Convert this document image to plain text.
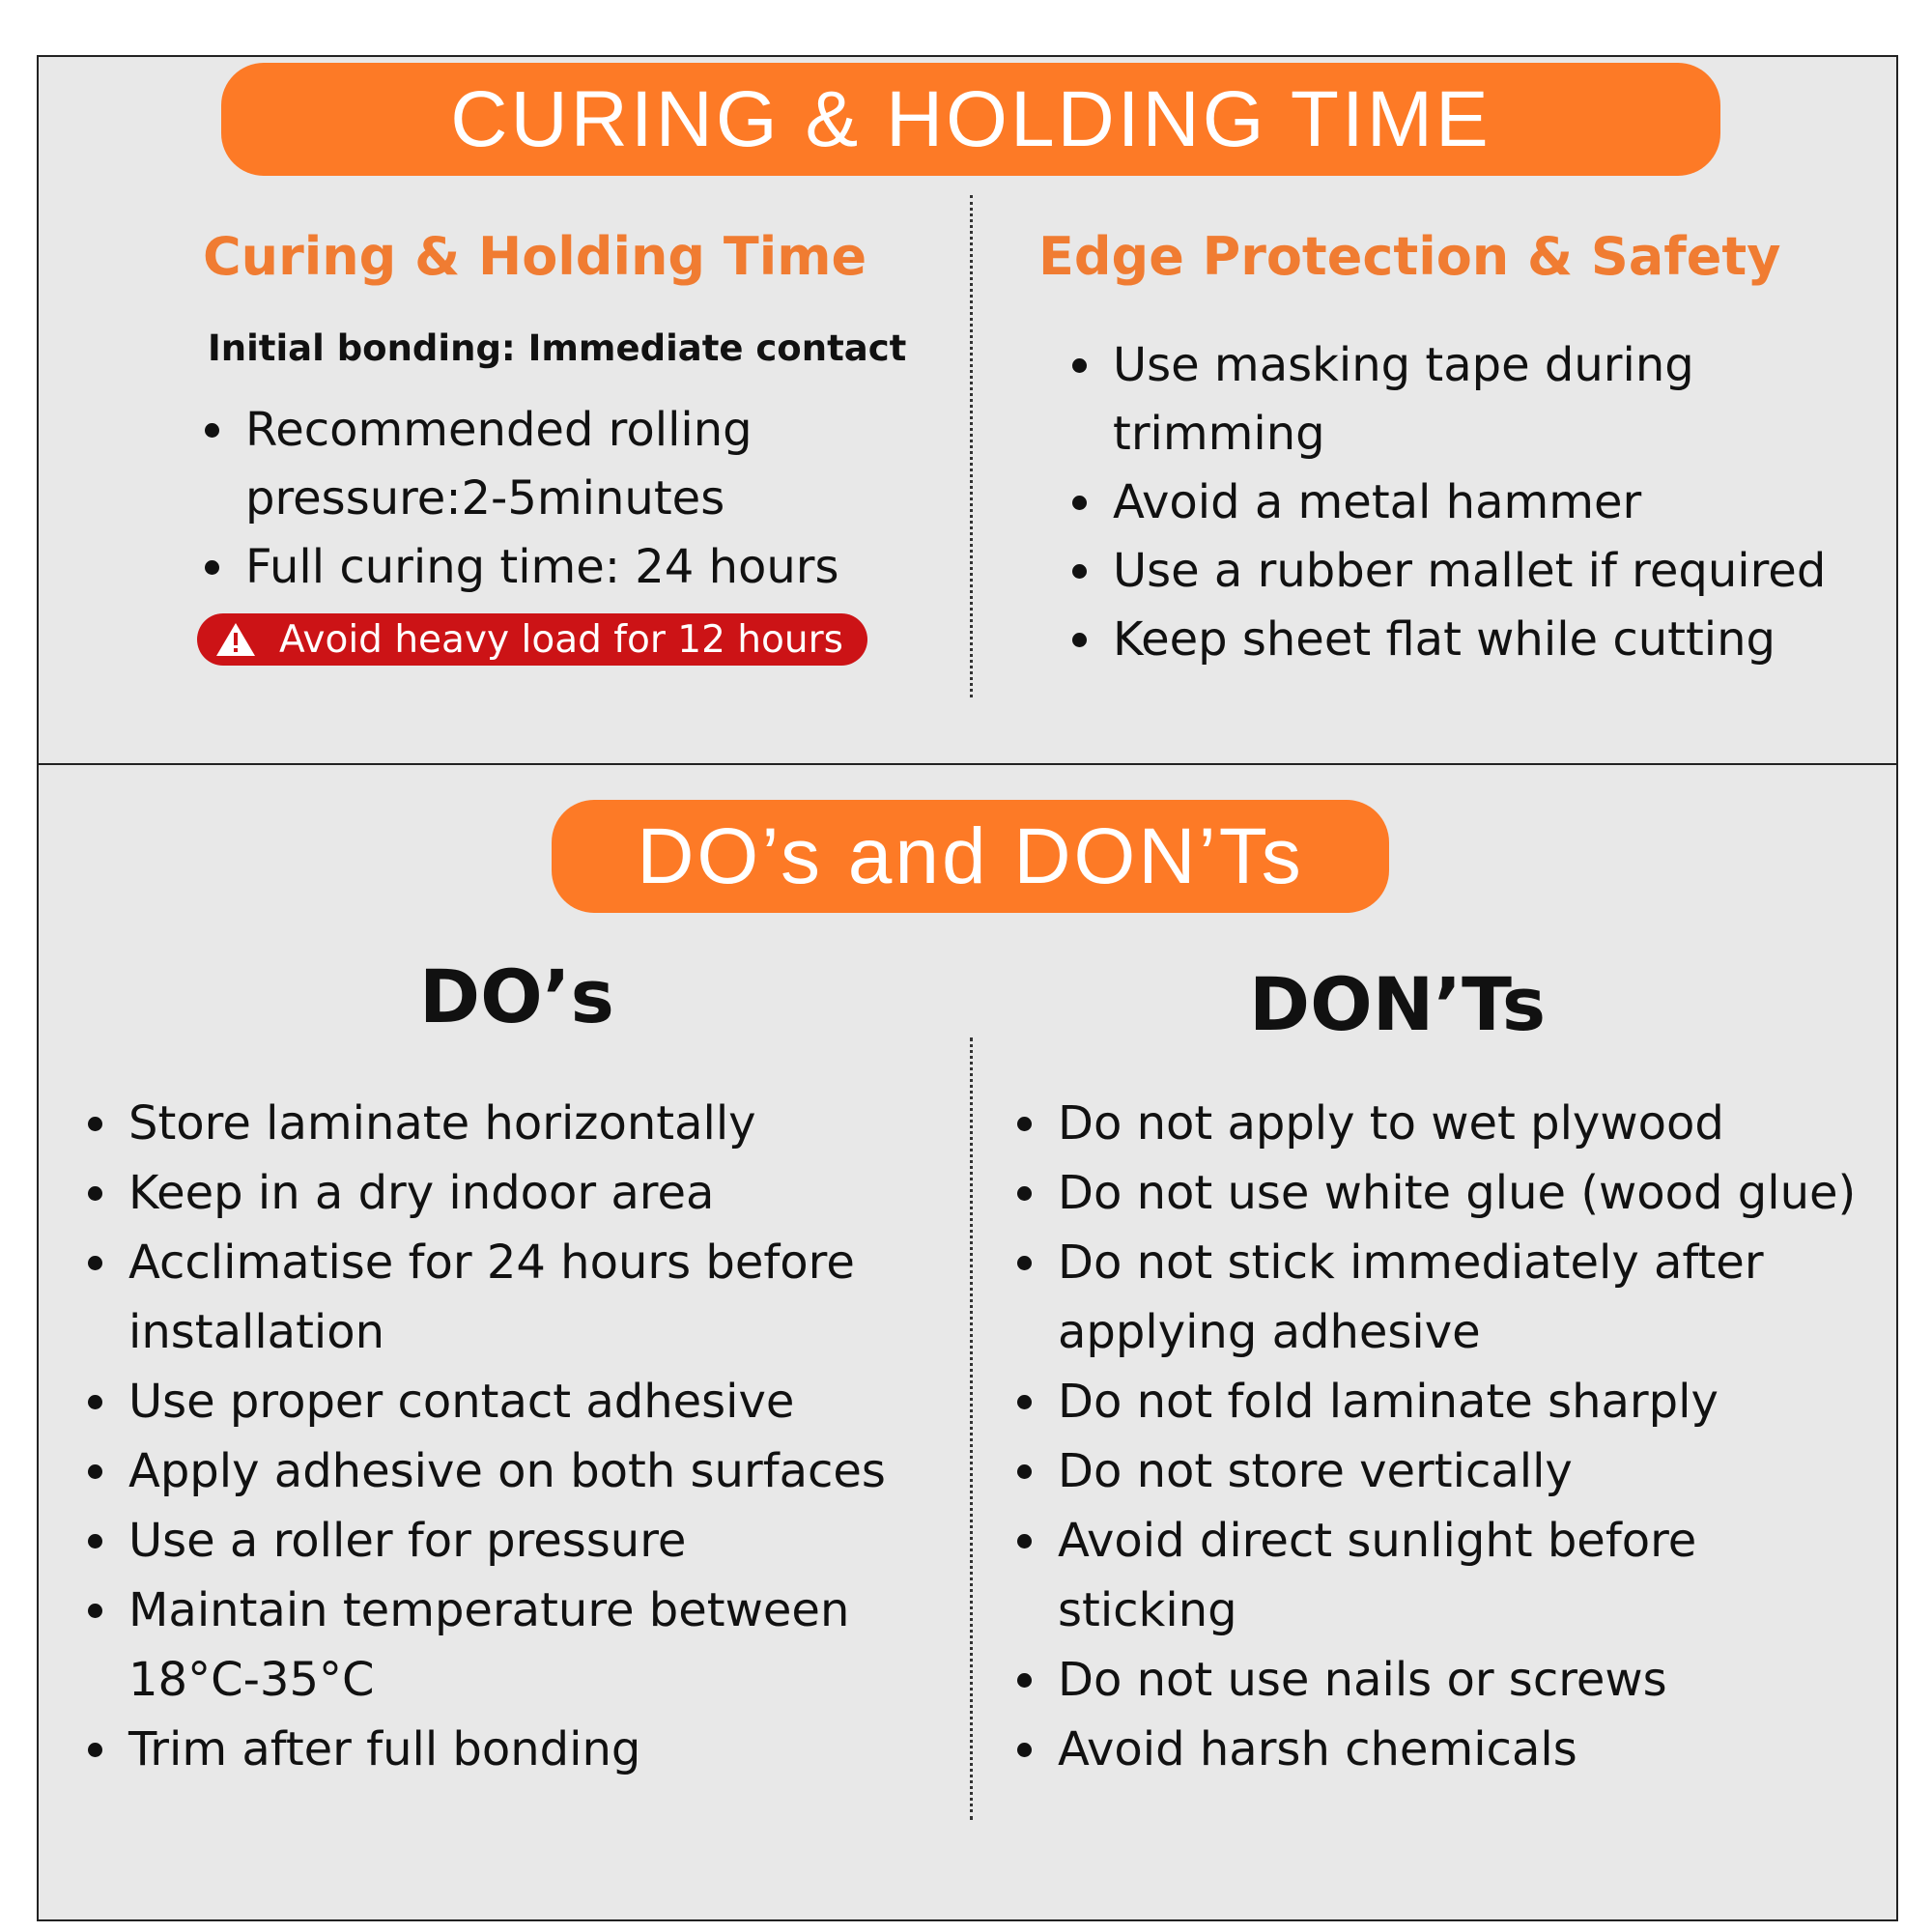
CURING & HOLDING TIME
Curing & Holding Time
Initial bonding: Immediate contact
Recommended rolling pressure:2-5minutes
Full curing time: 24 hours
Avoid heavy load for 12 hours
Edge Protection & Safety
Use masking tape during trimming
Avoid a metal hammer
Use a rubber mallet if required
Keep sheet flat while cutting
DO’s and DON’Ts
DO’s
Store laminate horizontally
Keep in a dry indoor area
Acclimatise for 24 hours before installation
Use proper contact adhesive
Apply adhesive on both surfaces
Use a roller for pressure
Maintain temperature between 18°C-35°C
Trim after full bonding
DON’Ts
Do not apply to wet plywood
Do not use white glue (wood glue)
Do not stick immediately after applying adhesive
Do not fold laminate sharply
Do not store vertically
Avoid direct sunlight before sticking
Do not use nails or screws
Avoid harsh chemicals
